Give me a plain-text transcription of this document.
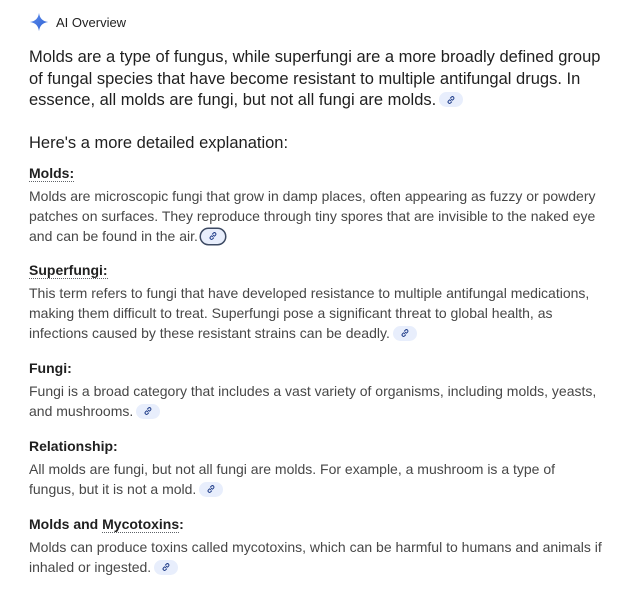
AI Overview

Molds are a type of fungus, while superfungi are a more broadly defined group of fungal species that have become resistant to multiple antifungal drugs. In essence, all molds are fungi, but not all fungi are molds.

Here's a more detailed explanation:

Molds:

Molds are microscopic fungi that grow in damp places, often appearing as fuzzy or powdery patches on surfaces. They reproduce through tiny spores that are invisible to the naked eye and can be found in the air.

Superfungi:

This term refers to fungi that have developed resistance to multiple antifungal medications, making them difficult to treat. Superfungi pose a significant threat to global health, as infections caused by these resistant strains can be deadly.

Fungi:

Fungi is a broad category that includes a vast variety of organisms, including molds, yeasts, and mushrooms.

Relationship:

All molds are fungi, but not all fungi are molds. For example, a mushroom is a type of fungus, but it is not a mold.

Molds and Mycotoxins:

Molds can produce toxins called mycotoxins, which can be harmful to humans and animals if inhaled or ingested.
